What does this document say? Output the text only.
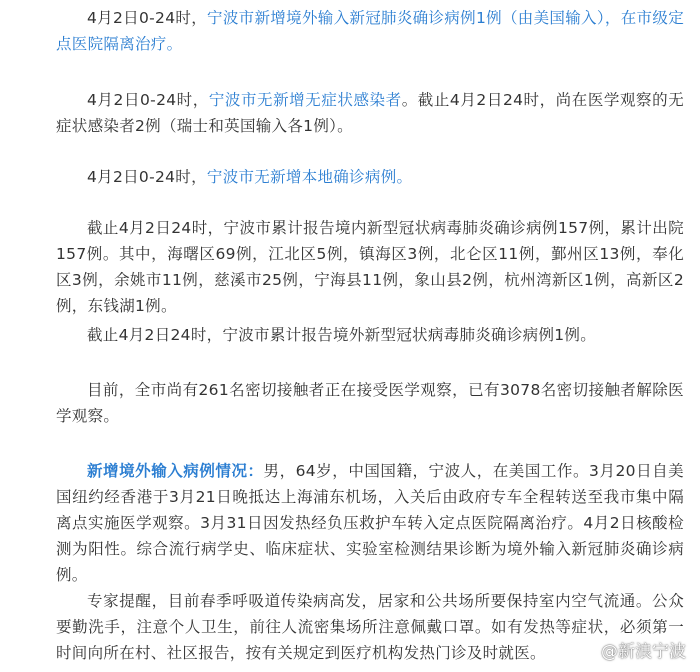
4月2日0-24时，宁波市新增境外输入新冠肺炎确诊病例1例（由美国输入），在市级定点医院隔离治疗。

4月2日0-24时，宁波市无新增无症状感染者。截止4月2日24时，尚在医学观察的无症状感染者2例（瑞士和英国输入各1例）。

4月2日0-24时，宁波市无新增本地确诊病例。

截止4月2日24时，宁波市累计报告境内新型冠状病毒肺炎确诊病例157例，累计出院157例。其中，海曙区69例，江北区5例，镇海区3例，北仑区11例，鄞州区13例，奉化区3例，余姚市11例，慈溪市25例，宁海县11例，象山县2例，杭州湾新区1例，高新区2例，东钱湖1例。

截止4月2日24时，宁波市累计报告境外新型冠状病毒肺炎确诊病例1例。

目前，全市尚有261名密切接触者正在接受医学观察，已有3078名密切接触者解除医学观察。

新增境外输入病例情况：男，64岁，中国国籍，宁波人，在美国工作。3月20日自美国纽约经香港于3月21日晚抵达上海浦东机场，入关后由政府专车全程转送至我市集中隔离点实施医学观察。3月31日因发热经负压救护车转入定点医院隔离治疗。4月2日核酸检测为阳性。综合流行病学史、临床症状、实验室检测结果诊断为境外输入新冠肺炎确诊病例。

专家提醒，目前春季呼吸道传染病高发，居家和公共场所要保持室内空气流通。公众要勤洗手，注意个人卫生，前往人流密集场所注意佩戴口罩。如有发热等症状，必须第一时间向所在村、社区报告，按有关规定到医疗机构发热门诊及时就医。	@新浪宁波
